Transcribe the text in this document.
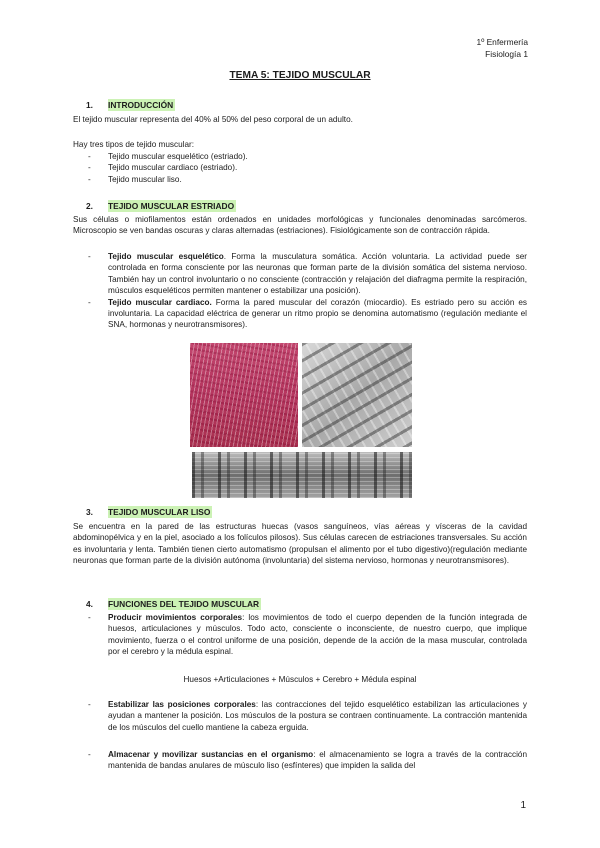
1º Enfermería
Fisiología 1
TEMA 5: TEJIDO MUSCULAR
1. INTRODUCCIÓN
El tejido muscular representa del 40% al 50% del peso corporal de un adulto.
Hay tres tipos de tejido muscular:
- Tejido muscular esquelético (estriado).
- Tejido muscular cardiaco (estriado).
- Tejido muscular liso.
2. TEJIDO MUSCULAR ESTRIADO
Sus células o miofilamentos están ordenados en unidades morfológicas y funcionales denominadas sarcómeros. Microscopio se ven bandas oscuras y claras alternadas (estriaciones). Fisiológicamente son de contracción rápida.
- Tejido muscular esquelético. Forma la musculatura somática. Acción voluntaria. La actividad puede ser controlada en forma consciente por las neuronas que forman parte de la división somática del sistema nervioso. También hay un control involuntario o no consciente (contracción y relajación del diafragma permite la respiración, músculos esqueléticos permiten mantener o estabilizar una posición).
- Tejido muscular cardiaco. Forma la pared muscular del corazón (miocardio). Es estriado pero su acción es involuntaria. La capacidad eléctrica de generar un ritmo propio se denomina automatismo (regulación mediante el SNA, hormonas y neurotransmisores).
3. TEJIDO MUSCULAR LISO
Se encuentra en la pared de las estructuras huecas (vasos sanguíneos, vías aéreas y vísceras de la cavidad abdominopélvica y en la piel, asociado a los folículos pilosos). Sus células carecen de estriaciones transversales. Su acción es involuntaria y lenta. También tienen cierto automatismo (propulsan el alimento por el tubo digestivo)(regulación mediante neuronas que forman parte de la división autónoma (involuntaria) del sistema nervioso, hormonas y neurotransmisores).
4. FUNCIONES DEL TEJIDO MUSCULAR
- Producir movimientos corporales: los movimientos de todo el cuerpo dependen de la función integrada de huesos, articulaciones y músculos. Todo acto, consciente o inconsciente, de nuestro cuerpo, que implique movimiento, fuerza o el control uniforme de una posición, depende de la acción de la masa muscular, controlada por el cerebro y la médula espinal.
Huesos +Articulaciones + Músculos + Cerebro + Médula espinal
- Estabilizar las posiciones corporales: las contracciones del tejido esquelético estabilizan las articulaciones y ayudan a mantener la posición. Los músculos de la postura se contraen continuamente. La contracción mantenida de los músculos del cuello mantiene la cabeza erguida.
- Almacenar y movilizar sustancias en el organismo: el almacenamiento se logra a través de la contracción mantenida de bandas anulares de músculo liso (esfínteres) que impiden la salida del
1
